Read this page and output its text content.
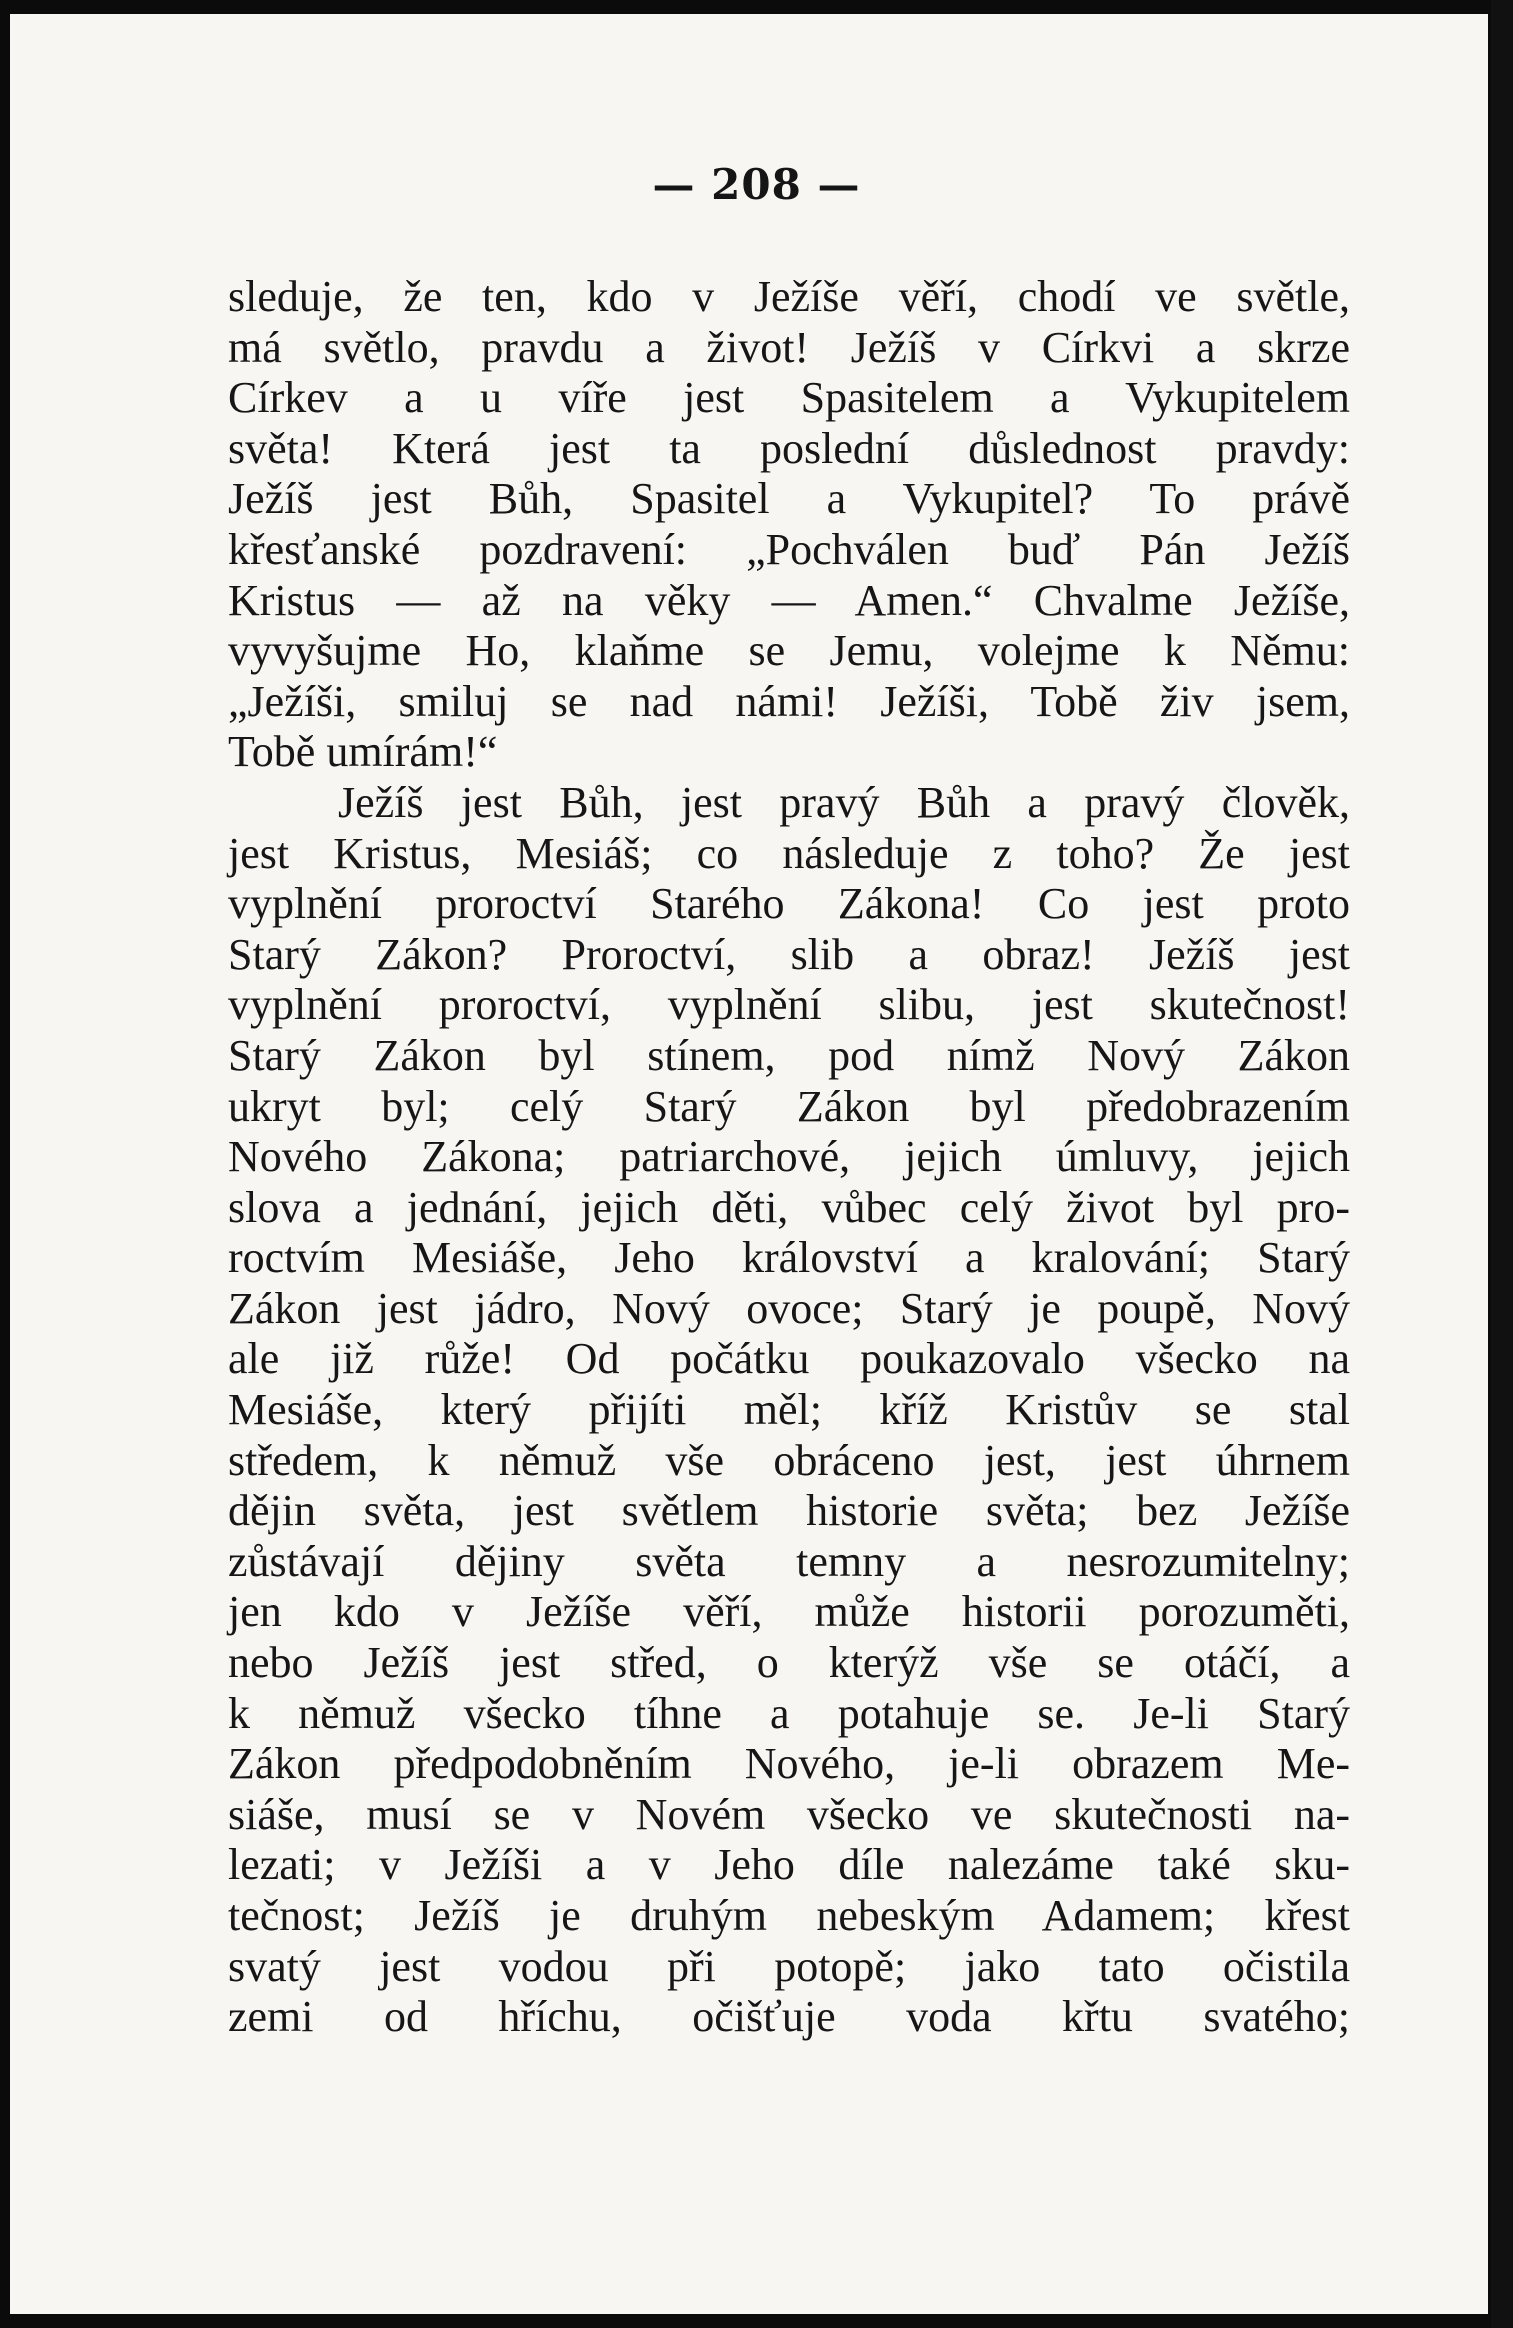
— 208 —
sleduje, že ten, kdo v Ježíše věří, chodí ve světle,
má světlo, pravdu a život! Ježíš v Církvi a skrze
Církev a u víře jest Spasitelem a Vykupitelem
světa! Která jest ta poslední důslednost pravdy:
Ježíš jest Bůh, Spasitel a Vykupitel? To právě
křesťanské pozdravení: „Pochválen buď Pán Ježíš
Kristus — až na věky — Amen.“ Chvalme Ježíše,
vyvyšujme Ho, klaňme se Jemu, volejme k Němu:
„Ježíši, smiluj se nad námi! Ježíši, Tobě živ jsem,
Tobě umírám!“
Ježíš jest Bůh, jest pravý Bůh a pravý člověk,
jest Kristus, Mesiáš; co následuje z toho? Že jest
vyplnění proroctví Starého Zákona! Co jest proto
Starý Zákon? Proroctví, slib a obraz! Ježíš jest
vyplnění proroctví, vyplnění slibu, jest skutečnost!
Starý Zákon byl stínem, pod nímž Nový Zákon
ukryt byl; celý Starý Zákon byl předobrazením
Nového Zákona; patriarchové, jejich úmluvy, jejich
slova a jednání, jejich děti, vůbec celý život byl pro-
roctvím Mesiáše, Jeho království a kralování; Starý
Zákon jest jádro, Nový ovoce; Starý je poupě, Nový
ale již růže! Od počátku poukazovalo všecko na
Mesiáše, který přijíti měl; kříž Kristův se stal
středem, k němuž vše obráceno jest, jest úhrnem
dějin světa, jest světlem historie světa; bez Ježíše
zůstávají dějiny světa temny a nesrozumitelny;
jen kdo v Ježíše věří, může historii porozuměti,
nebo Ježíš jest střed, o kterýž vše se otáčí, a
k němuž všecko tíhne a potahuje se. Je-li Starý
Zákon předpodobněním Nového, je-li obrazem Me-
siáše, musí se v Novém všecko ve skutečnosti na-
lezati; v Ježíši a v Jeho díle nalezáme také sku-
tečnost; Ježíš je druhým nebeským Adamem; křest
svatý jest vodou při potopě; jako tato očistila
zemi od hříchu, očišťuje voda křtu svatého;
